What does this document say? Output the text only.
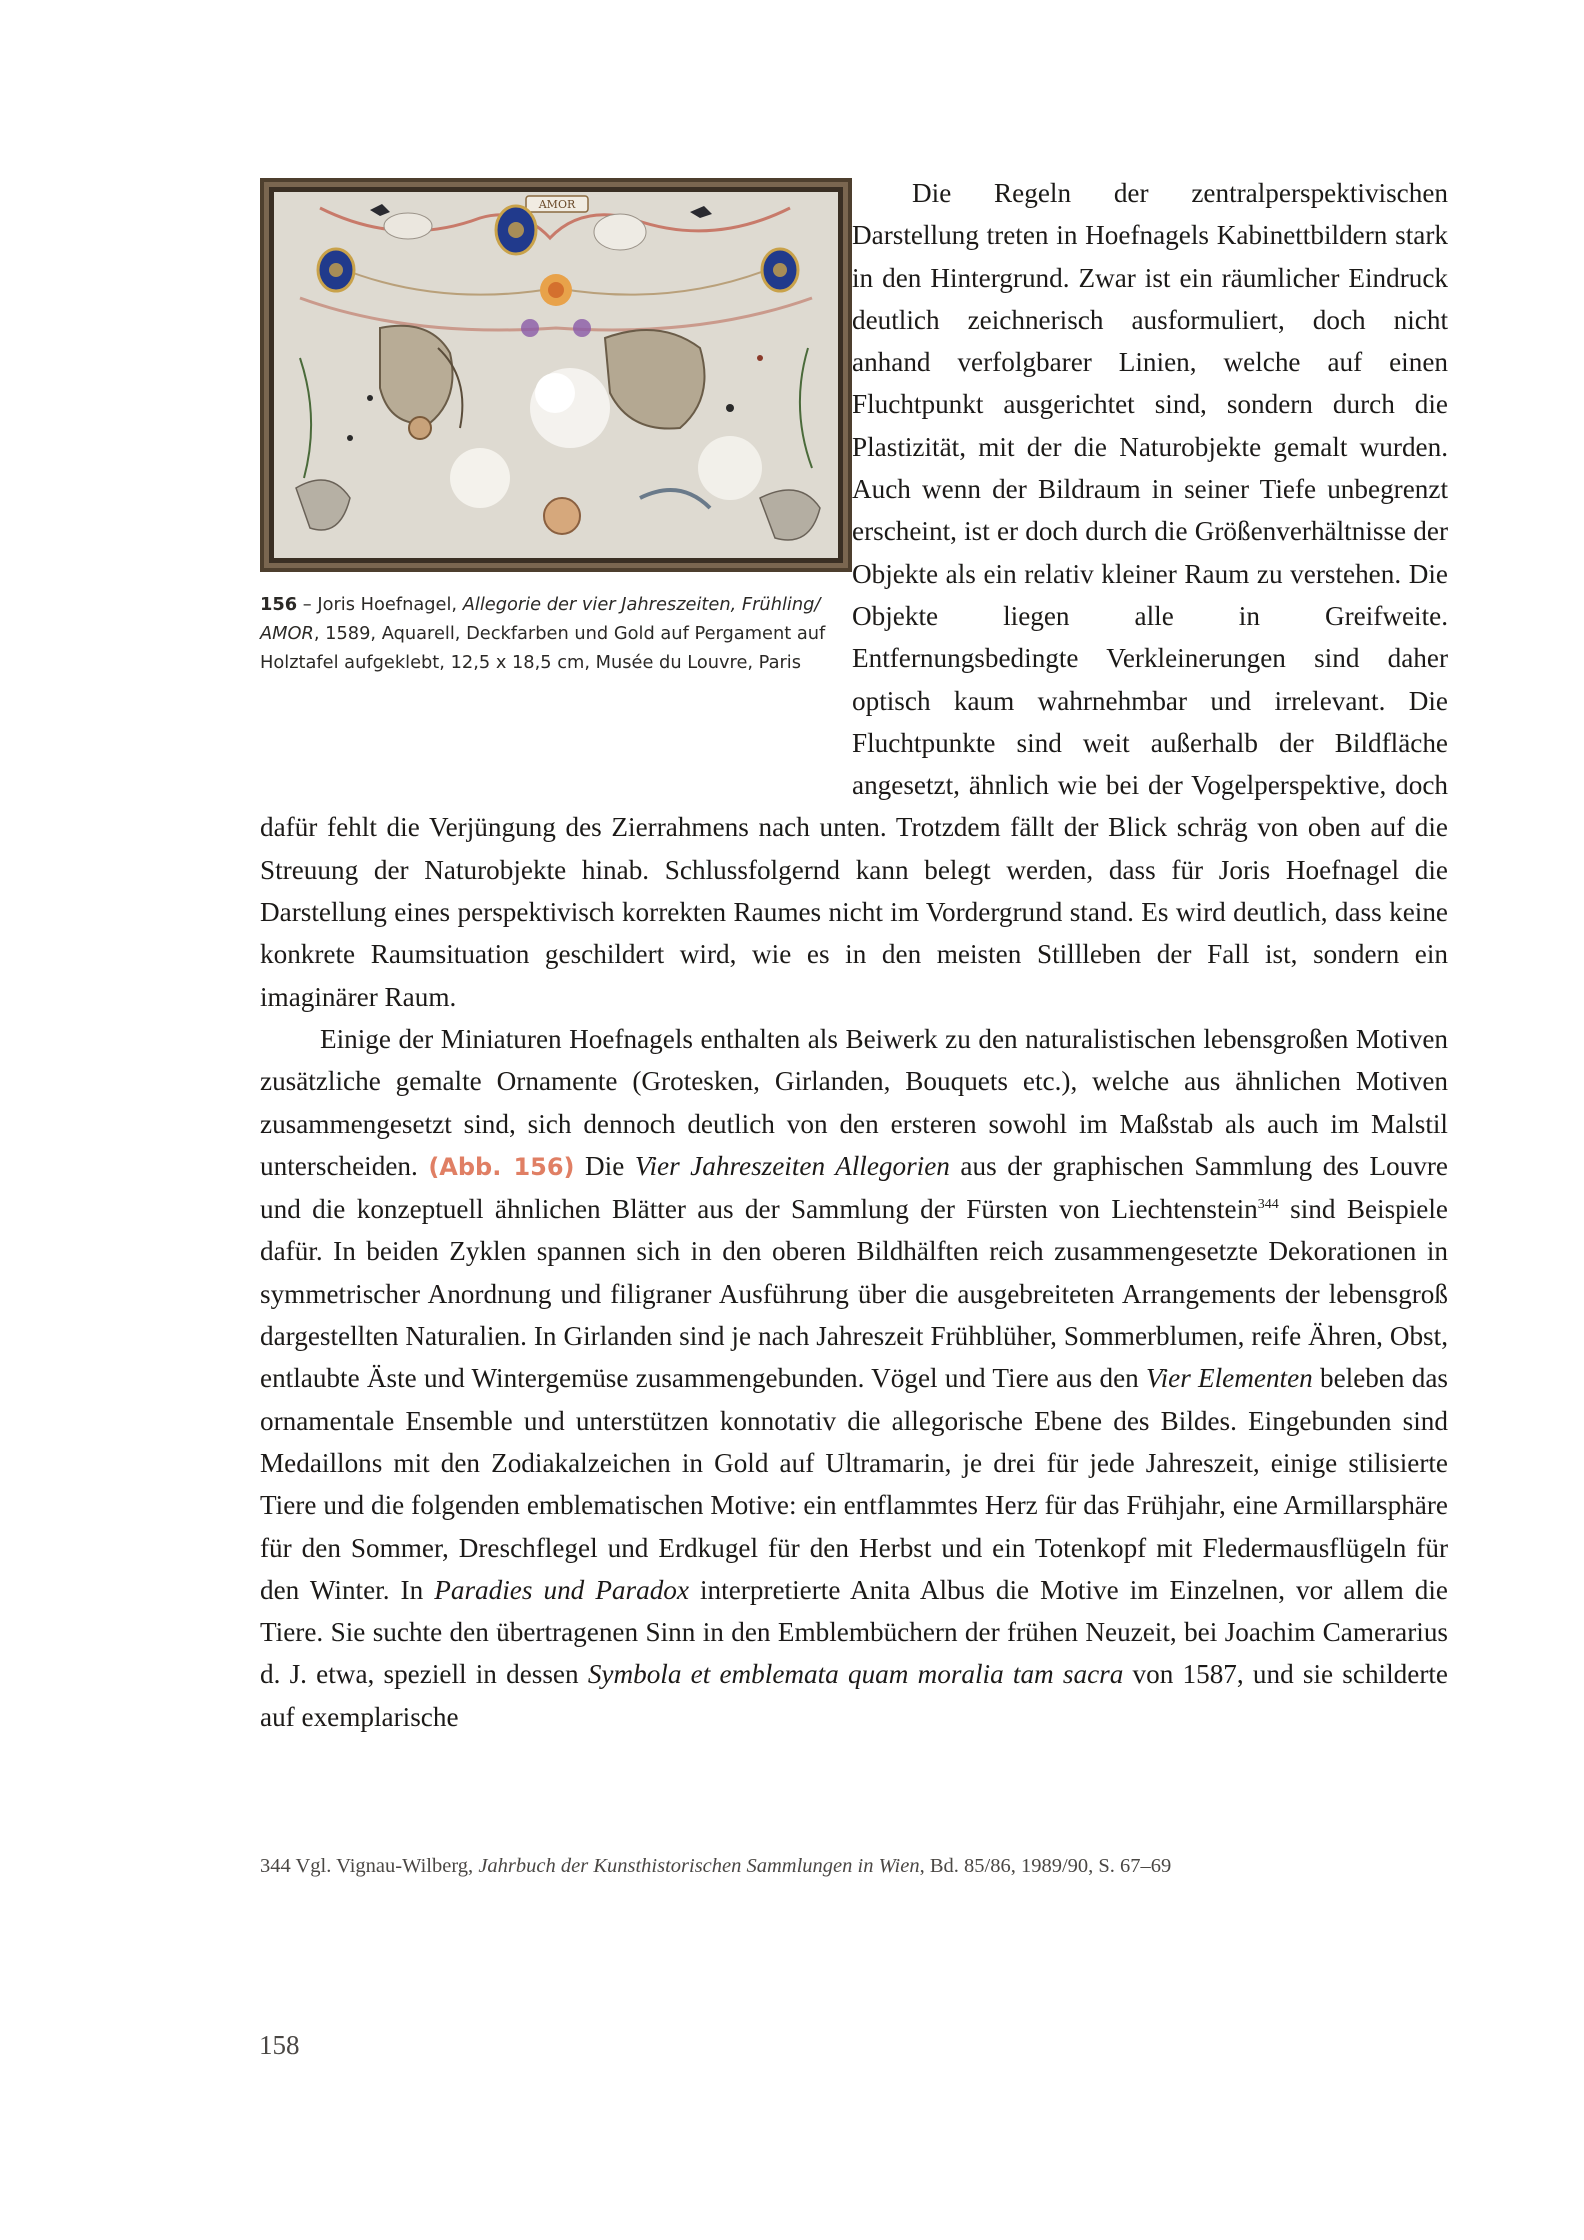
AMOR
156 – Joris Hoefnagel, Allegorie der vier Jahreszeiten, Frühling/ AMOR, 1589, Aquarell, Deckfarben und Gold auf Pergament auf Holztafel aufgeklebt, 12,5 x 18,5 cm, Musée du Louvre, Paris

Die Regeln der zentralperspektivischen Darstellung treten in Hoefnagels Kabinettbildern stark in den Hintergrund. Zwar ist ein räumlicher Eindruck deutlich zeichnerisch ausformuliert, doch nicht anhand verfolgbarer Linien, welche auf einen Fluchtpunkt ausgerichtet sind, sondern durch die Plastizität, mit der die Naturobjekte gemalt wurden. Auch wenn der Bildraum in seiner Tiefe unbegrenzt erscheint, ist er doch durch die Größenverhältnisse der Objekte als ein relativ kleiner Raum zu verstehen. Die Objekte liegen alle in Greifweite. Entfernungsbedingte Verkleinerungen sind daher optisch kaum wahrnehmbar und irrelevant. Die Fluchtpunkte sind weit außerhalb der Bildfläche angesetzt, ähnlich wie bei der Vogelperspektive, doch dafür fehlt die Verjüngung des Zierrahmens nach unten. Trotzdem fällt der Blick schräg von oben auf die Streuung der Naturobjekte hinab. Schlussfolgernd kann belegt werden, dass für Joris Hoefnagel die Darstellung eines perspektivisch korrekten Raumes nicht im Vordergrund stand. Es wird deutlich, dass keine konkrete Raumsituation geschildert wird, wie es in den meisten Stillleben der Fall ist, sondern ein imaginärer Raum.

Einige der Miniaturen Hoefnagels enthalten als Beiwerk zu den naturalistischen lebensgroßen Motiven zusätzliche gemalte Ornamente (Grotesken, Girlanden, Bouquets etc.), welche aus ähnlichen Motiven zusammengesetzt sind, sich dennoch deutlich von den ersteren sowohl im Maßstab als auch im Malstil unterscheiden. (Abb. 156) Die Vier Jahreszeiten Allegorien aus der graphischen Sammlung des Louvre und die konzeptuell ähnlichen Blätter aus der Sammlung der Fürsten von Liechtenstein$^{344}$ sind Beispiele dafür. In beiden Zyklen spannen sich in den oberen Bildhälften reich zusammengesetzte Dekorationen in symmetrischer Anordnung und filigraner Ausführung über die ausgebreiteten Arrangements der lebensgroß dargestellten Naturalien. In Girlanden sind je nach Jahreszeit Frühblüher, Sommerblumen, reife Ähren, Obst, entlaubte Äste und Wintergemüse zusammengebunden. Vögel und Tiere aus den Vier Elementen beleben das ornamentale Ensemble und unterstützen konnotativ die allegorische Ebene des Bildes. Eingebunden sind Medaillons mit den Zodiakalzeichen in Gold auf Ultramarin, je drei für jede Jahreszeit, einige stilisierte Tiere und die folgenden emblematischen Motive: ein entflammtes Herz für das Frühjahr, eine Armillarsphäre für den Sommer, Dreschflegel und Erdkugel für den Herbst und ein Totenkopf mit Fledermausflügeln für den Winter. In Paradies und Paradox interpretierte Anita Albus die Motive im Einzelnen, vor allem die Tiere. Sie suchte den übertragenen Sinn in den Emblembüchern der frühen Neuzeit, bei Joachim Camerarius d. J. etwa, speziell in dessen Symbola et emblemata quam moralia tam sacra von 1587, und sie schilderte auf exemplarische

344 Vgl. Vignau-Wilberg, Jahrbuch der Kunsthistorischen Sammlungen in Wien, Bd. 85/86, 1989/90, S. 67–69
158
